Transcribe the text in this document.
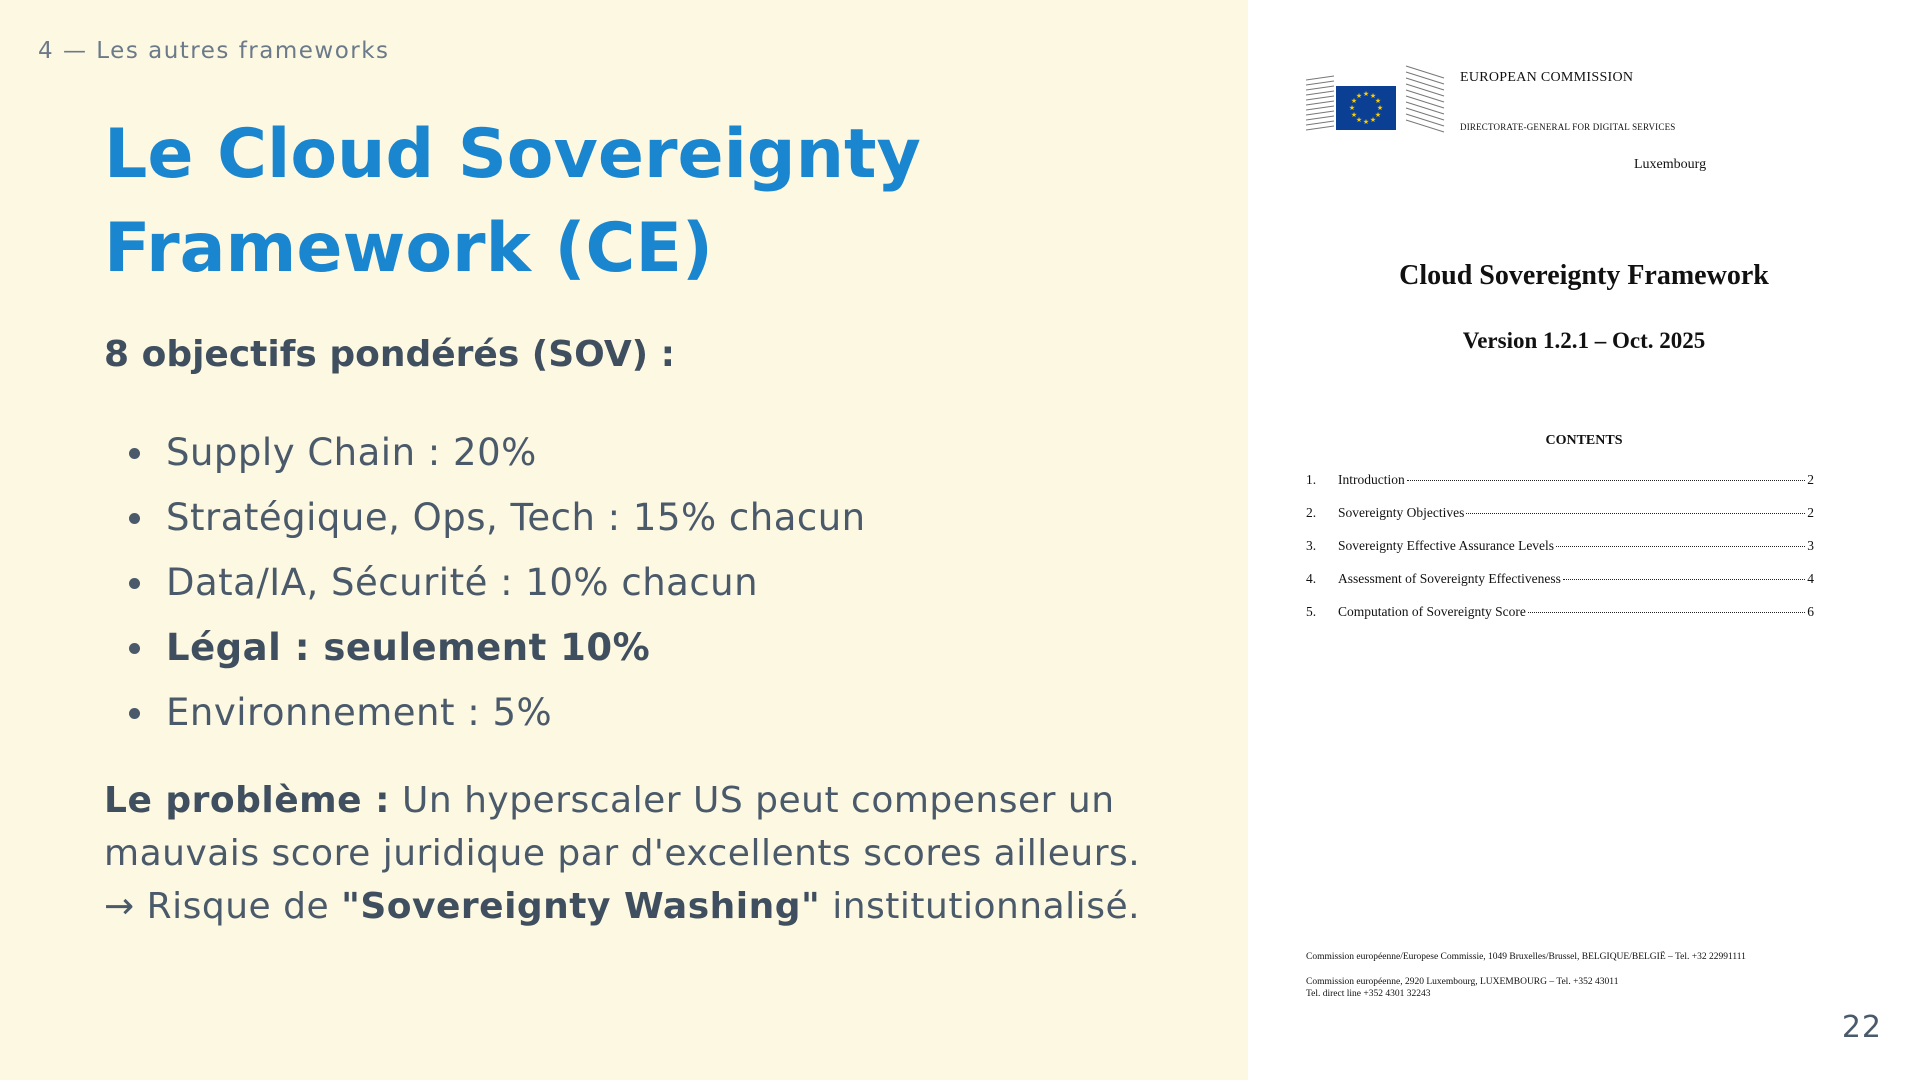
4 — Les autres frameworks
Le Cloud Sovereignty
Framework (CE)

8 objectifs pondérés (SOV) :

Supply Chain : 20%
Stratégique, Ops, Tech : 15% chacun
Data/IA, Sécurité : 10% chacun
Légal : seulement 10%
Environnement : 5%

Le problème : Un hyperscaler US peut compenser un mauvais score juridique par d'excellents scores ailleurs.
→ Risque de "Sovereignty Washing" institutionnalisé.

★ ★
★
★
★
★
★
★
★
★
★
★
EUROPEAN COMMISSION
DIRECTORATE-GENERAL FOR DIGITAL SERVICES
Luxembourg
Cloud Sovereignty Framework
Version 1.2.1 – Oct. 2025
CONTENTS
1.	Introduction	2
2.	Sovereignty Objectives	2
3.	Sovereignty Effective Assurance Levels	3
4.	Assessment of Sovereignty Effectiveness	4
5.	Computation of Sovereignty Score	6
Commission européenne/Europese Commissie, 1049 Bruxelles/Brussel, BELGIQUE/BELGIË – Tel. +32 22991111
Commission européenne, 2920 Luxembourg, LUXEMBOURG – Tel. +352 43011
Tel. direct line +352 4301 32243
22
